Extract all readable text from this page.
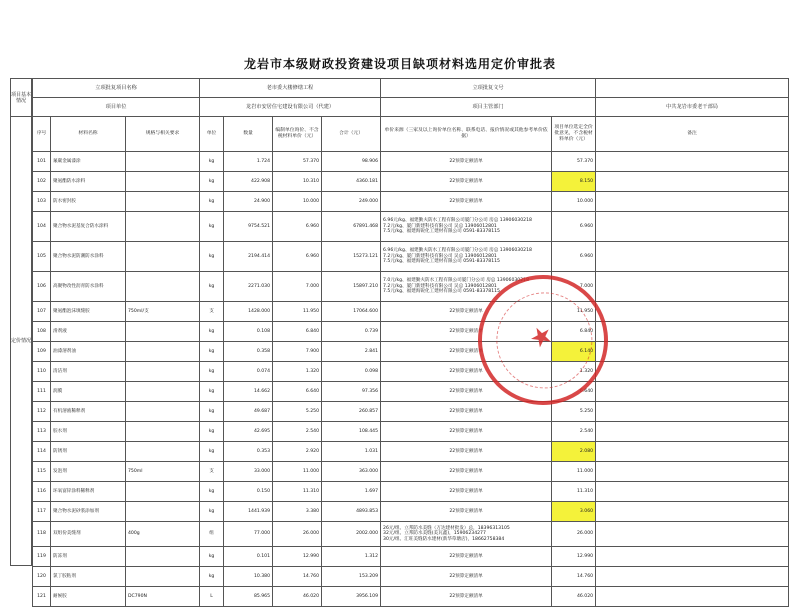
龙岩市本级财政投资建设项目缺项材料选用定价审批表
项目基本情况
定价情况
立项批复项目名称			老市委大楼修缮工程				立项批复文号		
项目单位			龙岩市安居住宅建设有限公司（代建）				项目主管部门		中共龙岩市委老干部局
序号	材料名称	规格与相关要求	单位	数量	编制单位询价、不含税材料单价（元）	合计（元）	单价来源（三家及以上询价单位名称、联系电话、报价情况或其他参考单价依据）	项目单位选定全价批意见，不含税材料单价（元）	备注
101	氟碳金属漆涂		kg	1.724	57.370	98.906	22预算定额清单	57.370	
102	聚氨酯防水涂料		kg	422.908	10.310	4360.181	22预算定额清单	8.150	
103	防水密封胶		kg	24.900	10.000	249.000	22预算定额清单	10.000	
104	聚合物水泥基复合防水涂料		kg	9754.521	6.960	67891.468	6.96元/kg、福建勤夫防水工程有限公司厦门分公司 房总 13906030218
7.2元/kg、厦门新建科技有限公司 吴总 13906012801
7.5元/kg、福建海锐化工建材有限公司 0591-83378115	6.960	
105	聚合物水泥防潮防水涂料		kg	2194.414	6.960	15273.121	6.96元/kg、福建勤夫防水工程有限公司厦门分公司 房总 13906030218
7.2元/kg、厦门新建科技有限公司 吴总 13906012801
7.5元/kg、福建海锐化工建材有限公司 0591-83378115	6.960	
106	高聚物改性沥青防水涂料		kg	2271.030	7.000	15897.210	7.0元/kg、福建勤夫防水工程有限公司厦门分公司 房总 13906030218
7.2元/kg、厦门新建科技有限公司 吴总 13906012801
7.5元/kg、福建海锐化工建材有限公司 0591-83378115	7.000	
107	聚氨酯泡沫填缝胶	750ml/支	支	1428.000	11.950	17064.600	22预算定额清单	11.950	
108	滑剂液		kg	0.108	6.840	0.739	22预算定额清单	6.840	
109	油漆溶剂油		kg	0.358	7.900	2.841	22预算定额清单	6.140	
110	清洁剂		kg	0.074	1.320	0.098	22预算定额清单	1.320	
111	润膜		kg	14.662	6.640	97.356	22预算定额清单	6.640	
112	有机溶液稀释剂		kg	49.687	5.250	260.857	22预算定额清单	5.250	
113	胶水剂		kg	42.695	2.540	108.445	22预算定额清单	2.540	
114	防锈剂		kg	0.353	2.920	1.031	22预算定额清单	2.080	
115	发泡剂	750ml	支	33.000	11.000	363.000	22预算定额清单	11.000	
116	环氧富锌涂料稀释剂		kg	0.150	11.310	1.697	22预算定额清单	11.310	
117	聚合物水泥砂浆添加剂		kg	1441.939	3.380	4893.853	22预算定额清单	3.060	
118	双组份美缝剂	400g	组	77.000	26.000	2002.000	26元/组、立邦防水美缝（万达建材批发）总，18396313105
32元/组、立邦防水美缝(美瓦鑫)，15906234277
30元/组、汇旺美缝防水建材(新华草塘店)，18662758384	26.000	
119	防冻剂		kg	0.101	12.990	1.312	22预算定额清单	12.990	
120	氯丁胶粘剂		kg	10.380	14.760	153.209	22预算定额清单	14.760	
121	耐候胶	DC790N	L	85.965	46.020	3956.109	22预算定额清单	46.020	
★
